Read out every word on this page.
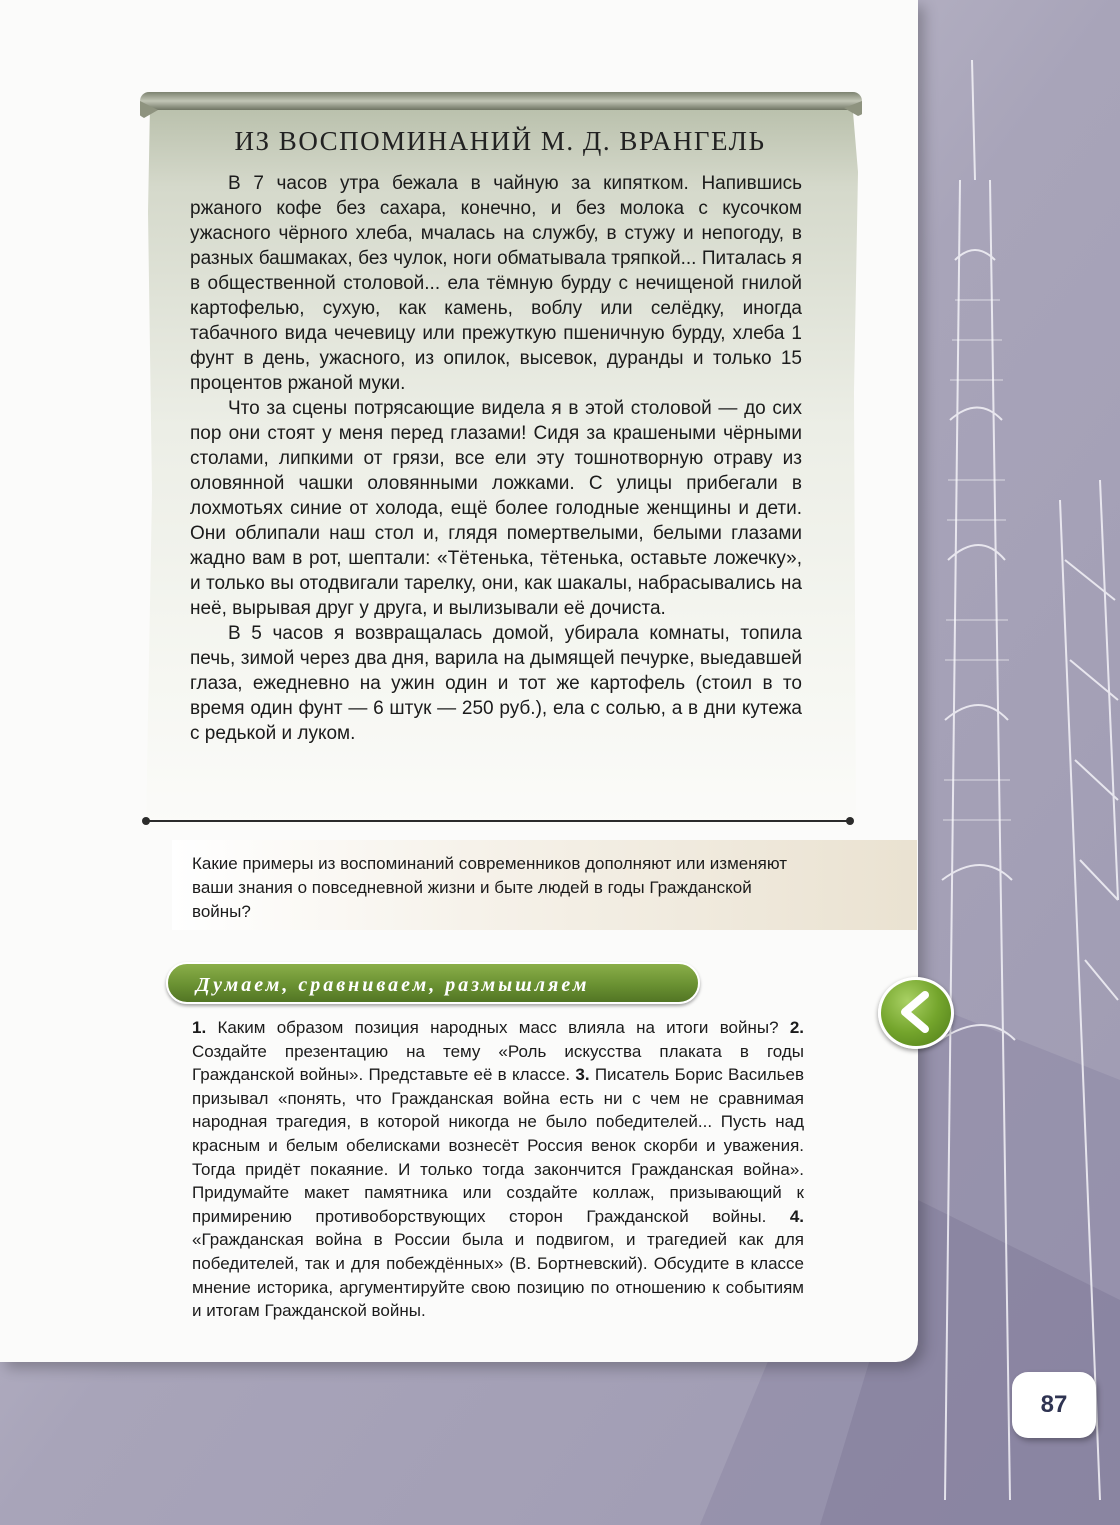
ИЗ ВОСПОМИНАНИЙ М. Д. ВРАНГЕЛЬ

В 7 часов утра бежала в чайную за кипятком. Напившись ржаного кофе без сахара, конечно, и без молока с кусочком ужасного чёрного хлеба, мчалась на службу, в стужу и непогоду, в разных башмаках, без чулок, ноги обматывала тряпкой... Питалась я в общественной столовой... ела тёмную бурду с нечищеной гнилой картофелью, сухую, как камень, воблу или селёдку, иногда табачного вида чечевицу или прежуткую пшеничную бурду, хлеба 1 фунт в день, ужасного, из опилок, высевок, дуранды и только 15 процентов ржаной муки.

Что за сцены потрясающие видела я в этой столовой — до сих пор они стоят у меня перед глазами! Сидя за крашеными чёрными столами, липкими от грязи, все ели эту тошнотворную отраву из оловянной чашки оловянными ложками. С улицы прибегали в лохмотьях синие от холода, ещё более голодные женщины и дети. Они облипали наш стол и, глядя помертвелыми, белыми глазами жадно вам в рот, шептали: «Тётенька, тётенька, оставьте ложечку», и только вы отодвигали тарелку, они, как шакалы, набрасывались на неё, вырывая друг у друга, и вылизывали её дочиста.

В 5 часов я возвращалась домой, убирала комнаты, топила печь, зимой через два дня, варила на дымящей печурке, выедавшей глаза, ежедневно на ужин один и тот же картофель (стоил в то время один фунт — 6 штук — 250 руб.), ела с солью, а в дни кутежа с редькой и луком.

Какие примеры из воспоминаний современников дополняют или изменяют ваши знания о повседневной жизни и быте людей в годы Гражданской войны?

Думаем, сравниваем, размышляем

1. Каким образом позиция народных масс влияла на итоги войны? 2. Создайте презентацию на тему «Роль искусства плаката в годы Гражданской войны». Представьте её в классе. 3. Писатель Борис Васильев призывал «понять, что Гражданская война есть ни с чем не сравнимая народная трагедия, в которой никогда не было победителей... Пусть над красным и белым обелисками вознесёт Россия венок скорби и уважения. Тогда придёт покаяние. И только тогда закончится Гражданская война». Придумайте макет памятника или создайте коллаж, призывающий к примирению противоборствующих сторон Гражданской войны. 4. «Гражданская война в России была и подвигом, и трагедией как для победителей, так и для побеждённых» (В. Бортневский). Обсудите в классе мнение историка, аргументируйте свою позицию по отношению к событиям и итогам Гражданской войны.

87
